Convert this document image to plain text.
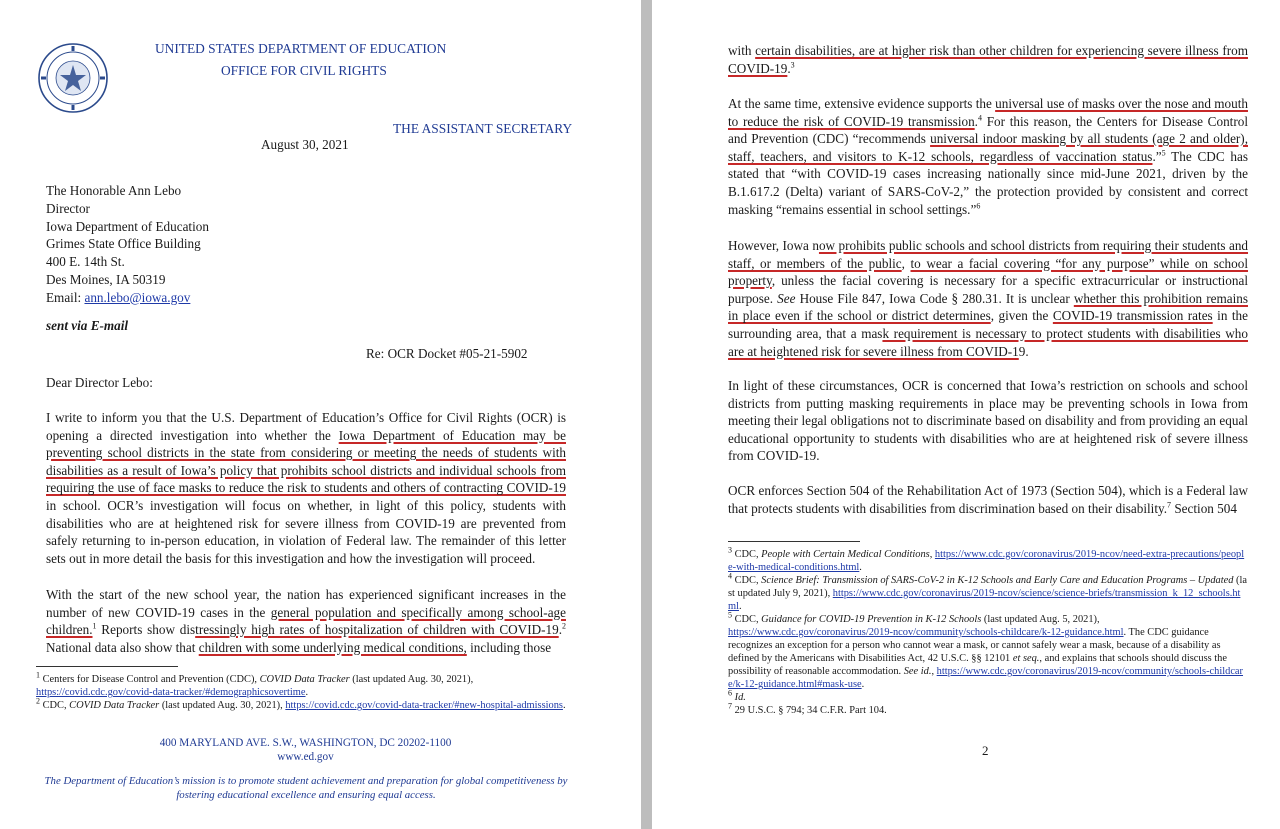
UNITED STATES DEPARTMENT OF EDUCATION
OFFICE FOR CIVIL RIGHTS
THE ASSISTANT SECRETARY
August 30, 2021
The Honorable Ann Lebo
Director
Iowa Department of Education
Grimes State Office Building
400 E. 14th St.
Des Moines, IA 50319
Email: ann.lebo@iowa.gov
sent via E-mail
Re: OCR Docket #05-21-5902
Dear Director Lebo:

I write to inform you that the U.S. Department of Education’s Office for Civil Rights (OCR) is opening a directed investigation into whether the Iowa Department of Education may be preventing school districts in the state from considering or meeting the needs of students with disabilities as a result of Iowa’s policy that prohibits school districts and individual schools from requiring the use of face masks to reduce the risk to students and others of contracting COVID-19 in school. OCR’s investigation will focus on whether, in light of this policy, students with disabilities who are at heightened risk for severe illness from COVID-19 are prevented from safely returning to in-person education, in violation of Federal law. The remainder of this letter sets out in more detail the basis for this investigation and how the investigation will proceed.

With the start of the new school year, the nation has experienced significant increases in the number of new COVID-19 cases in the general population and specifically among school-age children.$^1$ Reports show distressingly high rates of hospitalization of children with COVID-19.$^2$ National data also show that children with some underlying medical conditions, including those

$^1$ Centers for Disease Control and Prevention (CDC), COVID Data Tracker (last updated Aug. 30, 2021), https://covid.cdc.gov/covid-data-tracker/#demographicsovertime.

$^2$ CDC, COVID Data Tracker (last updated Aug. 30, 2021), https://covid.cdc.gov/covid-data-tracker/#new-hospital-admissions.

400 MARYLAND AVE. S.W., WASHINGTON, DC 20202-1100
www.ed.gov
The Department of Education’s mission is to promote student achievement and preparation for global competitiveness by fostering educational excellence and ensuring equal access.

with certain disabilities, are at higher risk than other children for experiencing severe illness from COVID-19.$^3$

At the same time, extensive evidence supports the universal use of masks over the nose and mouth to reduce the risk of COVID-19 transmission.$^4$ For this reason, the Centers for Disease Control and Prevention (CDC) “recommends universal indoor masking by all students (age 2 and older), staff, teachers, and visitors to K-12 schools, regardless of vaccination status.”$^5$ The CDC has stated that “with COVID-19 cases increasing nationally since mid-June 2021, driven by the B.1.617.2 (Delta) variant of SARS-CoV-2,” the protection provided by consistent and correct masking “remains essential in school settings.”$^6$

However, Iowa now prohibits public schools and school districts from requiring their students and staff, or members of the public, to wear a facial covering “for any purpose” while on school property, unless the facial covering is necessary for a specific extracurricular or instructional purpose. See House File 847, Iowa Code § 280.31. It is unclear whether this prohibition remains in place even if the school or district determines, given the COVID-19 transmission rates in the surrounding area, that a mask requirement is necessary to protect students with disabilities who are at heightened risk for severe illness from COVID-19.

In light of these circumstances, OCR is concerned that Iowa’s restriction on schools and school districts from putting masking requirements in place may be preventing schools in Iowa from meeting their legal obligations not to discriminate based on disability and from providing an equal educational opportunity to students with disabilities who are at heightened risk of severe illness from COVID-19.

OCR enforces Section 504 of the Rehabilitation Act of 1973 (Section 504), which is a Federal law that protects students with disabilities from discrimination based on their disability.$^7$ Section 504

$^3$ CDC, People with Certain Medical Conditions, https://www.cdc.gov/coronavirus/2019-ncov/need-extra-precautions/people-with-medical-conditions.html.

$^4$ CDC, Science Brief: Transmission of SARS-CoV-2 in K-12 Schools and Early Care and Education Programs – Updated (last updated July 9, 2021), https://www.cdc.gov/coronavirus/2019-ncov/science/science-briefs/transmission_k_12_schools.html.

$^5$ CDC, Guidance for COVID-19 Prevention in K-12 Schools (last updated Aug. 5, 2021), https://www.cdc.gov/coronavirus/2019-ncov/community/schools-childcare/k-12-guidance.html. The CDC guidance recognizes an exception for a person who cannot wear a mask, or cannot safely wear a mask, because of a disability as defined by the Americans with Disabilities Act, 42 U.S.C. §§ 12101 et seq., and explains that schools should discuss the possibility of reasonable accommodation. See id., https://www.cdc.gov/coronavirus/2019-ncov/community/schools-childcare/k-12-guidance.html#mask-use.

$^6$ Id.

$^7$ 29 U.S.C. § 794; 34 C.F.R. Part 104.

2
